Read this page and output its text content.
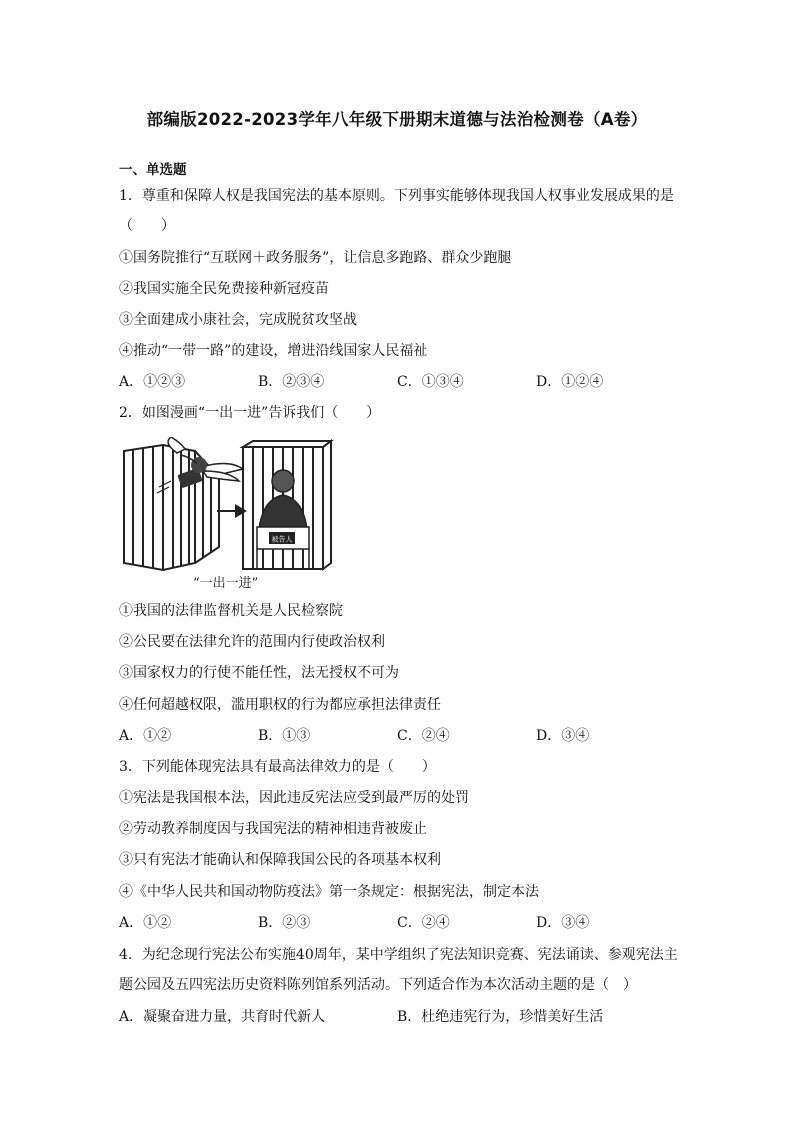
部编版2022-2023学年八年级下册期末道德与法治检测卷（A卷）
一、单选题
1．尊重和保障人权是我国宪法的基本原则。下列事实能够体现我国人权事业发展成果的是
（　　）
①国务院推行“互联网＋政务服务”，让信息多跑路、群众少跑腿
②我国实施全民免费接种新冠疫苗
③全面建成小康社会，完成脱贫攻坚战
④推动“一带一路”的建设，增进沿线国家人民福祉
A．①②③	B．②③④	C．①③④	D．①②④
2．如图漫画“一出一进”告诉我们（　　）
被告人
“一出一进”
①我国的法律监督机关是人民检察院
②公民要在法律允许的范围内行使政治权利
③国家权力的行使不能任性，法无授权不可为
④任何超越权限，滥用职权的行为都应承担法律责任
A．①②	B．①③	C．②④	D．③④
3．下列能体现宪法具有最高法律效力的是（　　）
①宪法是我国根本法，因此违反宪法应受到最严厉的处罚
②劳动教养制度因与我国宪法的精神相违背被废止
③只有宪法才能确认和保障我国公民的各项基本权利
④《中华人民共和国动物防疫法》第一条规定：根据宪法，制定本法
A．①②	B．②③	C．②④	D．③④
4．为纪念现行宪法公布实施40周年，某中学组织了宪法知识竞赛、宪法诵读、参观宪法主
题公园及五四宪法历史资料陈列馆系列活动。下列适合作为本次活动主题的是（　）
A．凝聚奋进力量，共育时代新人	B．杜绝违宪行为，珍惜美好生活
